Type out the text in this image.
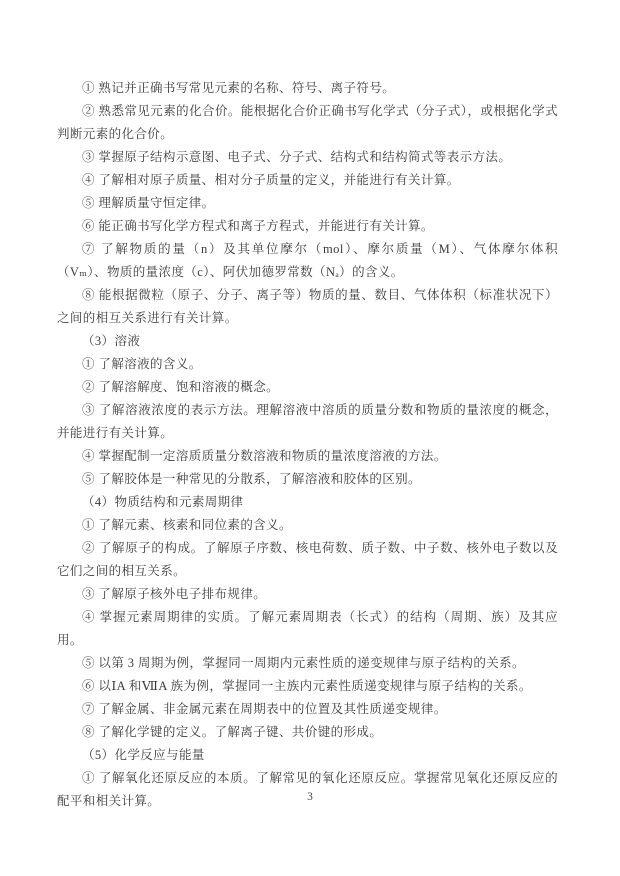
① 熟记并正确书写常见元素的名称、符号、离子符号。

② 熟悉常见元素的化合价。能根据化合价正确书写化学式（分子式），或根据化学式判断元素的化合价。

③ 掌握原子结构示意图、电子式、分子式、结构式和结构简式等表示方法。

④ 了解相对原子质量、相对分子质量的定义，并能进行有关计算。

⑤ 理解质量守恒定律。

⑥ 能正确书写化学方程式和离子方程式，并能进行有关计算。

⑦ 了解物质的量（n）及其单位摩尔（mol）、摩尔质量（M）、气体摩尔体积（Vₘ）、物质的量浓度（c）、阿伏加德罗常数（Nₐ）的含义。

⑧ 能根据微粒（原子、分子、离子等）物质的量、数目、气体体积（标准状况下）之间的相互关系进行有关计算。

（3）溶液

① 了解溶液的含义。

② 了解溶解度、饱和溶液的概念。

③ 了解溶液浓度的表示方法。理解溶液中溶质的质量分数和物质的量浓度的概念，并能进行有关计算。

④ 掌握配制一定溶质质量分数溶液和物质的量浓度溶液的方法。

⑤ 了解胶体是一种常见的分散系，了解溶液和胶体的区别。

（4）物质结构和元素周期律

① 了解元素、核素和同位素的含义。

② 了解原子的构成。了解原子序数、核电荷数、质子数、中子数、核外电子数以及它们之间的相互关系。

③ 了解原子核外电子排布规律。

④ 掌握元素周期律的实质。了解元素周期表（长式）的结构（周期、族）及其应用。

⑤ 以第 3 周期为例，掌握同一周期内元素性质的递变规律与原子结构的关系。

⑥ 以ⅠA 和ⅦA 族为例，掌握同一主族内元素性质递变规律与原子结构的关系。

⑦ 了解金属、非金属元素在周期表中的位置及其性质递变规律。

⑧ 了解化学键的定义。了解离子键、共价键的形成。

（5）化学反应与能量

① 了解氧化还原反应的本质。了解常见的氧化还原反应。掌握常见氧化还原反应的配平和相关计算。	3
